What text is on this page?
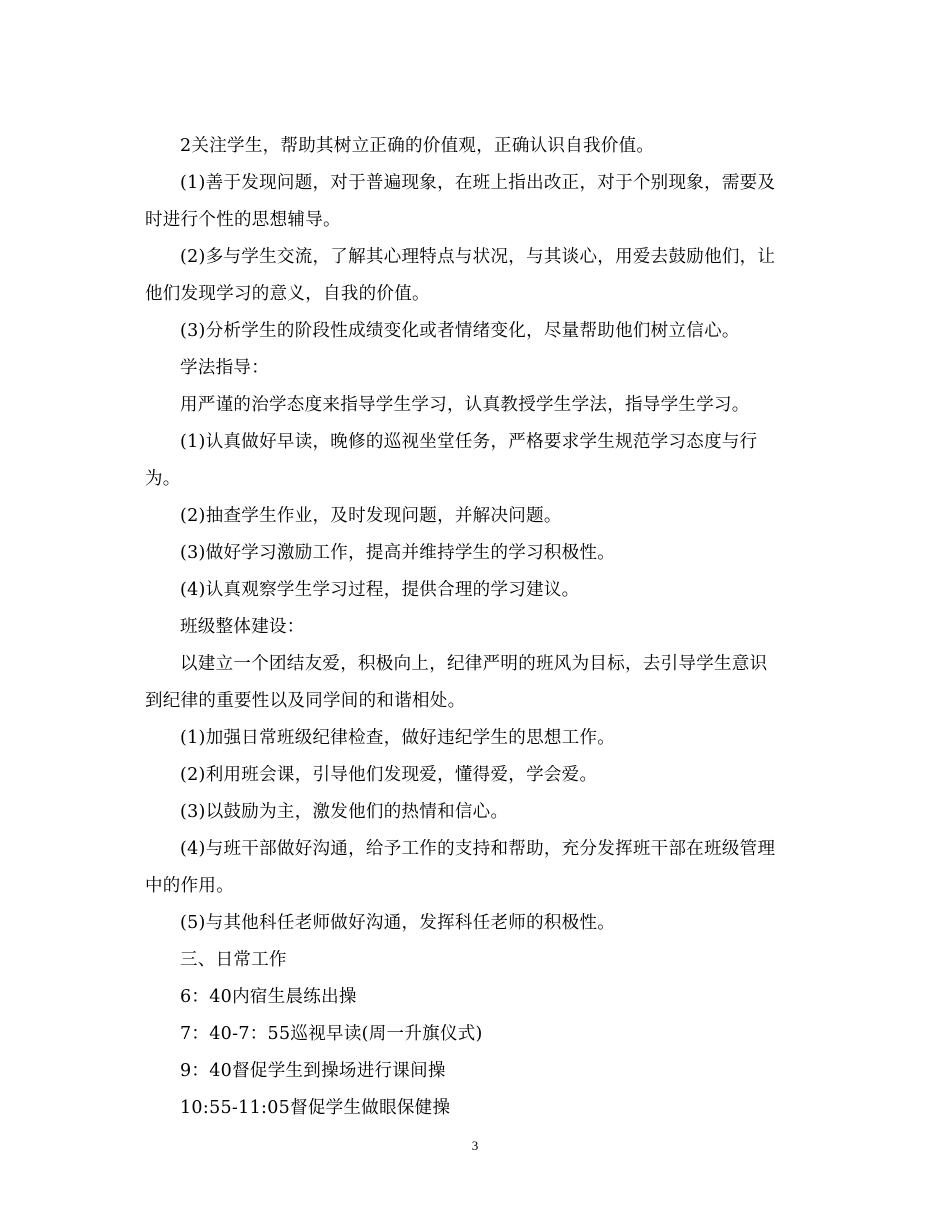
2关注学生，帮助其树立正确的价值观，正确认识自我价值。
(1)善于发现问题，对于普遍现象，在班上指出改正，对于个别现象，需要及
时进行个性的思想辅导。
(2)多与学生交流，了解其心理特点与状况，与其谈心，用爱去鼓励他们，让
他们发现学习的意义，自我的价值。
(3)分析学生的阶段性成绩变化或者情绪变化，尽量帮助他们树立信心。
学法指导：
用严谨的治学态度来指导学生学习，认真教授学生学法，指导学生学习。
(1)认真做好早读，晚修的巡视坐堂任务，严格要求学生规范学习态度与行
为。
(2)抽查学生作业，及时发现问题，并解决问题。
(3)做好学习激励工作，提高并维持学生的学习积极性。
(4)认真观察学生学习过程，提供合理的学习建议。
班级整体建设：
以建立一个团结友爱，积极向上，纪律严明的班风为目标，去引导学生意识
到纪律的重要性以及同学间的和谐相处。
(1)加强日常班级纪律检查，做好违纪学生的思想工作。
(2)利用班会课，引导他们发现爱，懂得爱，学会爱。
(3)以鼓励为主，激发他们的热情和信心。
(4)与班干部做好沟通，给予工作的支持和帮助，充分发挥班干部在班级管理
中的作用。
(5)与其他科任老师做好沟通，发挥科任老师的积极性。
三、日常工作
6：40内宿生晨练出操
7：40-7：55巡视早读(周一升旗仪式)
9：40督促学生到操场进行课间操
10:55-11:05督促学生做眼保健操
3
